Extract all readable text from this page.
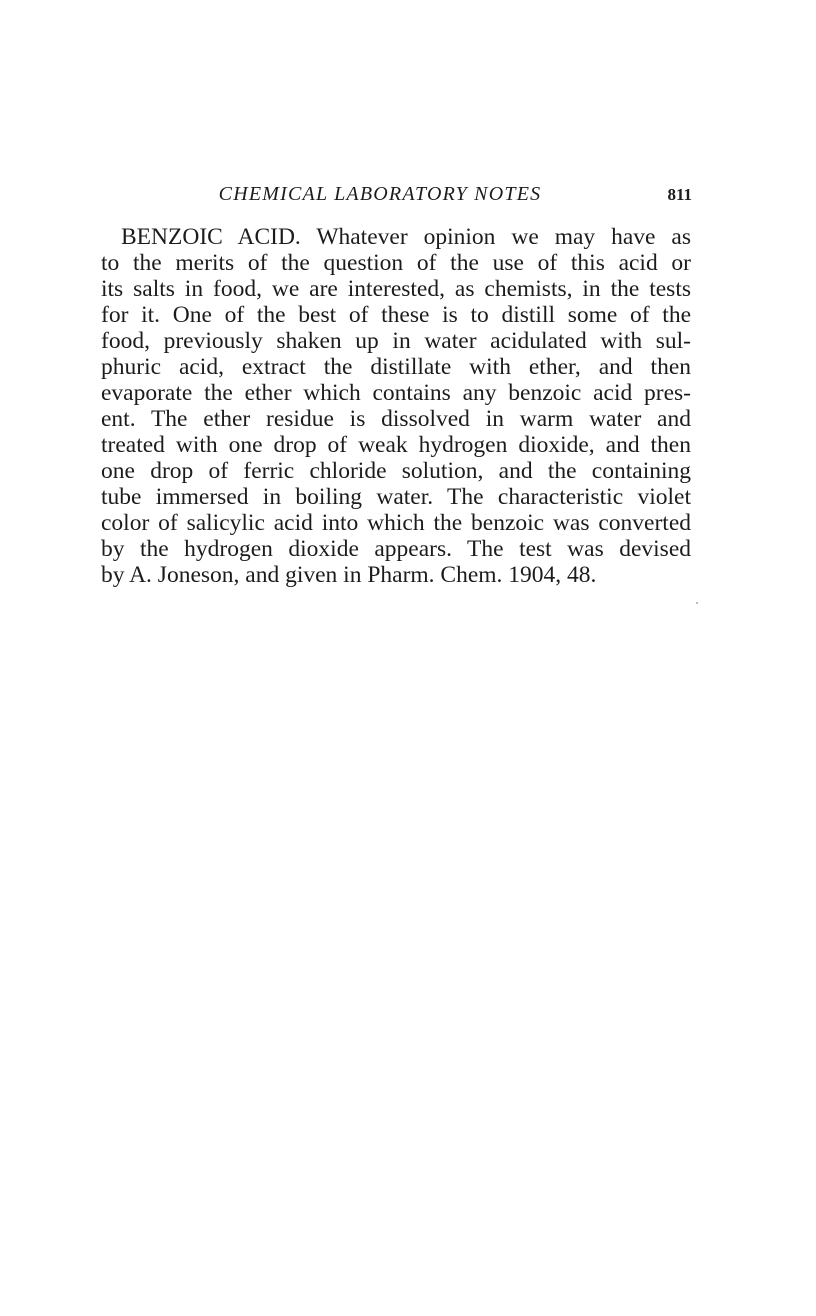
CHEMICAL LABORATORY NOTES	811
BENZOIC ACID. Whatever opinion we may have as
to the merits of the question of the use of this acid or
its salts in food, we are interested, as chemists, in the tests
for it. One of the best of these is to distill some of the
food, previously shaken up in water acidulated with sul-
phuric acid, extract the distillate with ether, and then
evaporate the ether which contains any benzoic acid pres-
ent. The ether residue is dissolved in warm water and
treated with one drop of weak hydrogen dioxide, and then
one drop of ferric chloride solution, and the containing
tube immersed in boiling water. The characteristic violet
color of salicylic acid into which the benzoic was converted
by the hydrogen dioxide appears. The test was devised
by A. Joneson, and given in Pharm. Chem. 1904, 48.
